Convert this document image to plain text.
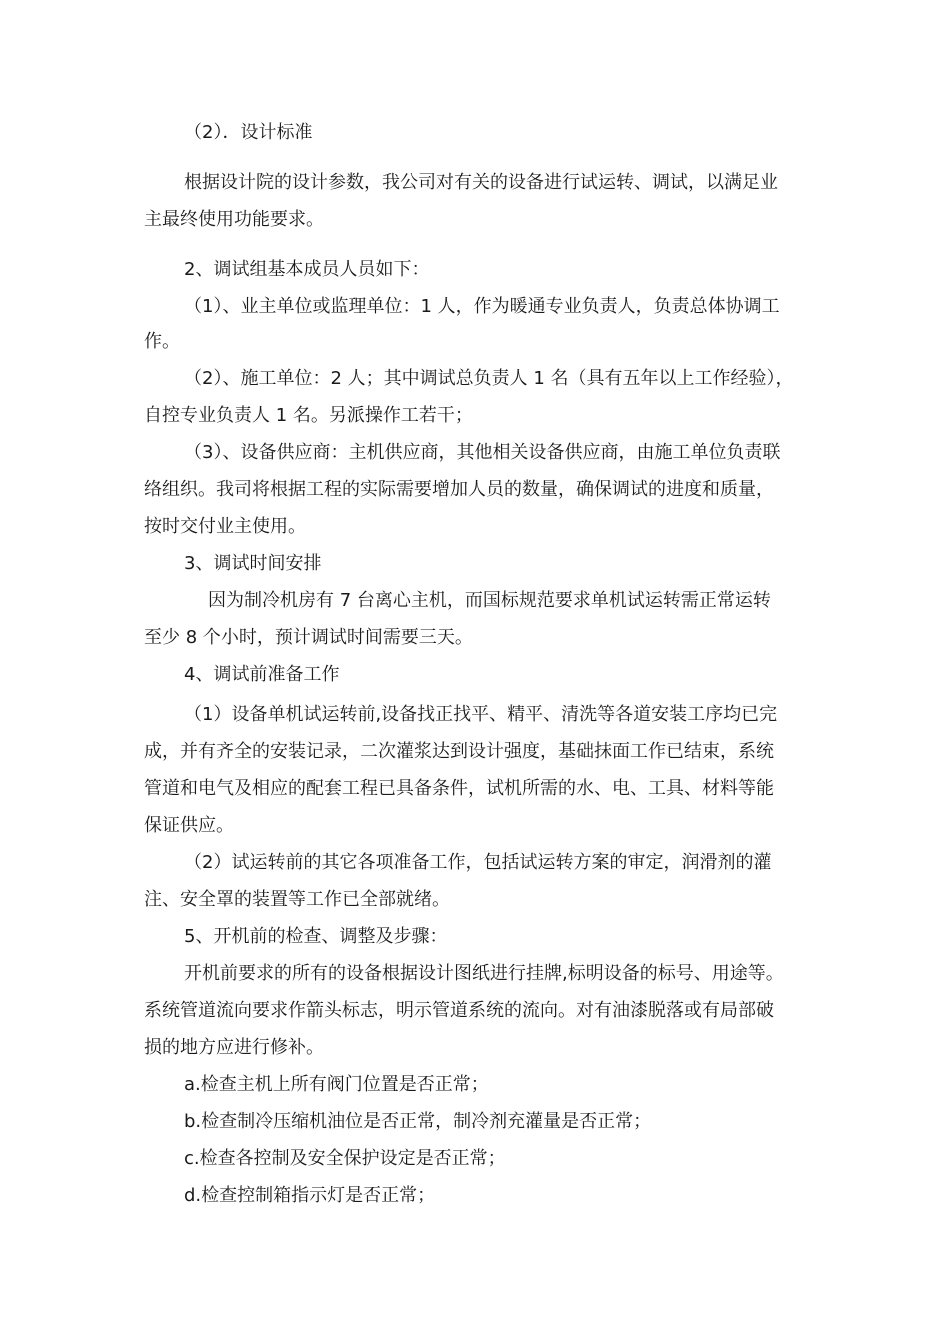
（2）．设计标准
根据设计院的设计参数，我公司对有关的设备进行试运转、调试，以满足业
主最终使用功能要求。
2、调试组基本成员人员如下：
（1）、业主单位或监理单位：1 人，作为暖通专业负责人，负责总体协调工
作。
（2）、施工单位：2 人；其中调试总负责人 1 名（具有五年以上工作经验），
自控专业负责人 1 名。另派操作工若干；
（3）、设备供应商：主机供应商，其他相关设备供应商，由施工单位负责联
络组织。我司将根据工程的实际需要增加人员的数量，确保调试的进度和质量，
按时交付业主使用。
3、调试时间安排
因为制冷机房有 7 台离心主机，而国标规范要求单机试运转需正常运转
至少 8 个小时，预计调试时间需要三天。
4、调试前准备工作
（1）设备单机试运转前,设备找正找平、精平、清洗等各道安装工序均已完
成，并有齐全的安装记录，二次灌浆达到设计强度，基础抹面工作已结束，系统
管道和电气及相应的配套工程已具备条件，试机所需的水、电、工具、材料等能
保证供应。
（2）试运转前的其它各项准备工作，包括试运转方案的审定，润滑剂的灌
注、安全罩的装置等工作已全部就绪。
5、开机前的检查、调整及步骤：
开机前要求的所有的设备根据设计图纸进行挂牌,标明设备的标号、用途等。
系统管道流向要求作箭头标志，明示管道系统的流向。对有油漆脱落或有局部破
损的地方应进行修补。
a.检查主机上所有阀门位置是否正常；
b.检查制冷压缩机油位是否正常，制冷剂充灌量是否正常；
c.检查各控制及安全保护设定是否正常；
d.检查控制箱指示灯是否正常；
